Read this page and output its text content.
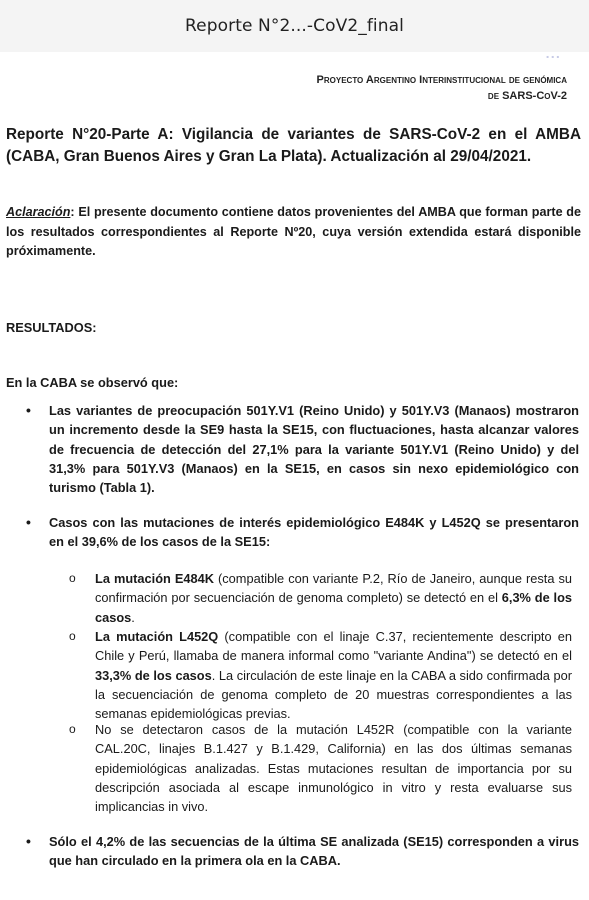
Reporte N°2...-CoV2_final
...
Proyecto Argentino Interinstitucional de genómica
de SARS-CoV-2
Reporte N°20-Parte A: Vigilancia de variantes de SARS-CoV-2 en el AMBA (CABA, Gran Buenos Aires y Gran La Plata). Actualización al 29/04/2021.
Aclaración: El presente documento contiene datos provenientes del AMBA que forman parte de los resultados correspondientes al Reporte Nº20, cuya versión extendida estará disponible próximamente.
RESULTADOS:
En la CABA se observó que:
• Las variantes de preocupación 501Y.V1 (Reino Unido) y 501Y.V3 (Manaos) mostraron un incremento desde la SE9 hasta la SE15, con fluctuaciones, hasta alcanzar valores de frecuencia de detección del 27,1% para la variante 501Y.V1 (Reino Unido) y del 31,3% para 501Y.V3 (Manaos) en la SE15, en casos sin nexo epidemiológico con turismo (Tabla 1).
• Casos con las mutaciones de interés epidemiológico E484K y L452Q se presentaron en el 39,6% de los casos de la SE15:
o La mutación E484K (compatible con variante P.2, Río de Janeiro, aunque resta su confirmación por secuenciación de genoma completo) se detectó en el 6,3% de los casos.
o La mutación L452Q (compatible con el linaje C.37, recientemente descripto en Chile y Perú, llamaba de manera informal como "variante Andina") se detectó en el 33,3% de los casos. La circulación de este linaje en la CABA a sido confirmada por la secuenciación de genoma completo de 20 muestras correspondientes a las semanas epidemiológicas previas.
o No se detectaron casos de la mutación L452R (compatible con la variante CAL.20C, linajes B.1.427 y B.1.429, California) en las dos últimas semanas epidemiológicas analizadas. Estas mutaciones resultan de importancia por su descripción asociada al escape inmunológico in vitro y resta evaluarse sus implicancias in vivo.
• Sólo el 4,2% de las secuencias de la última SE analizada (SE15) corresponden a virus que han circulado en la primera ola en la CABA.
